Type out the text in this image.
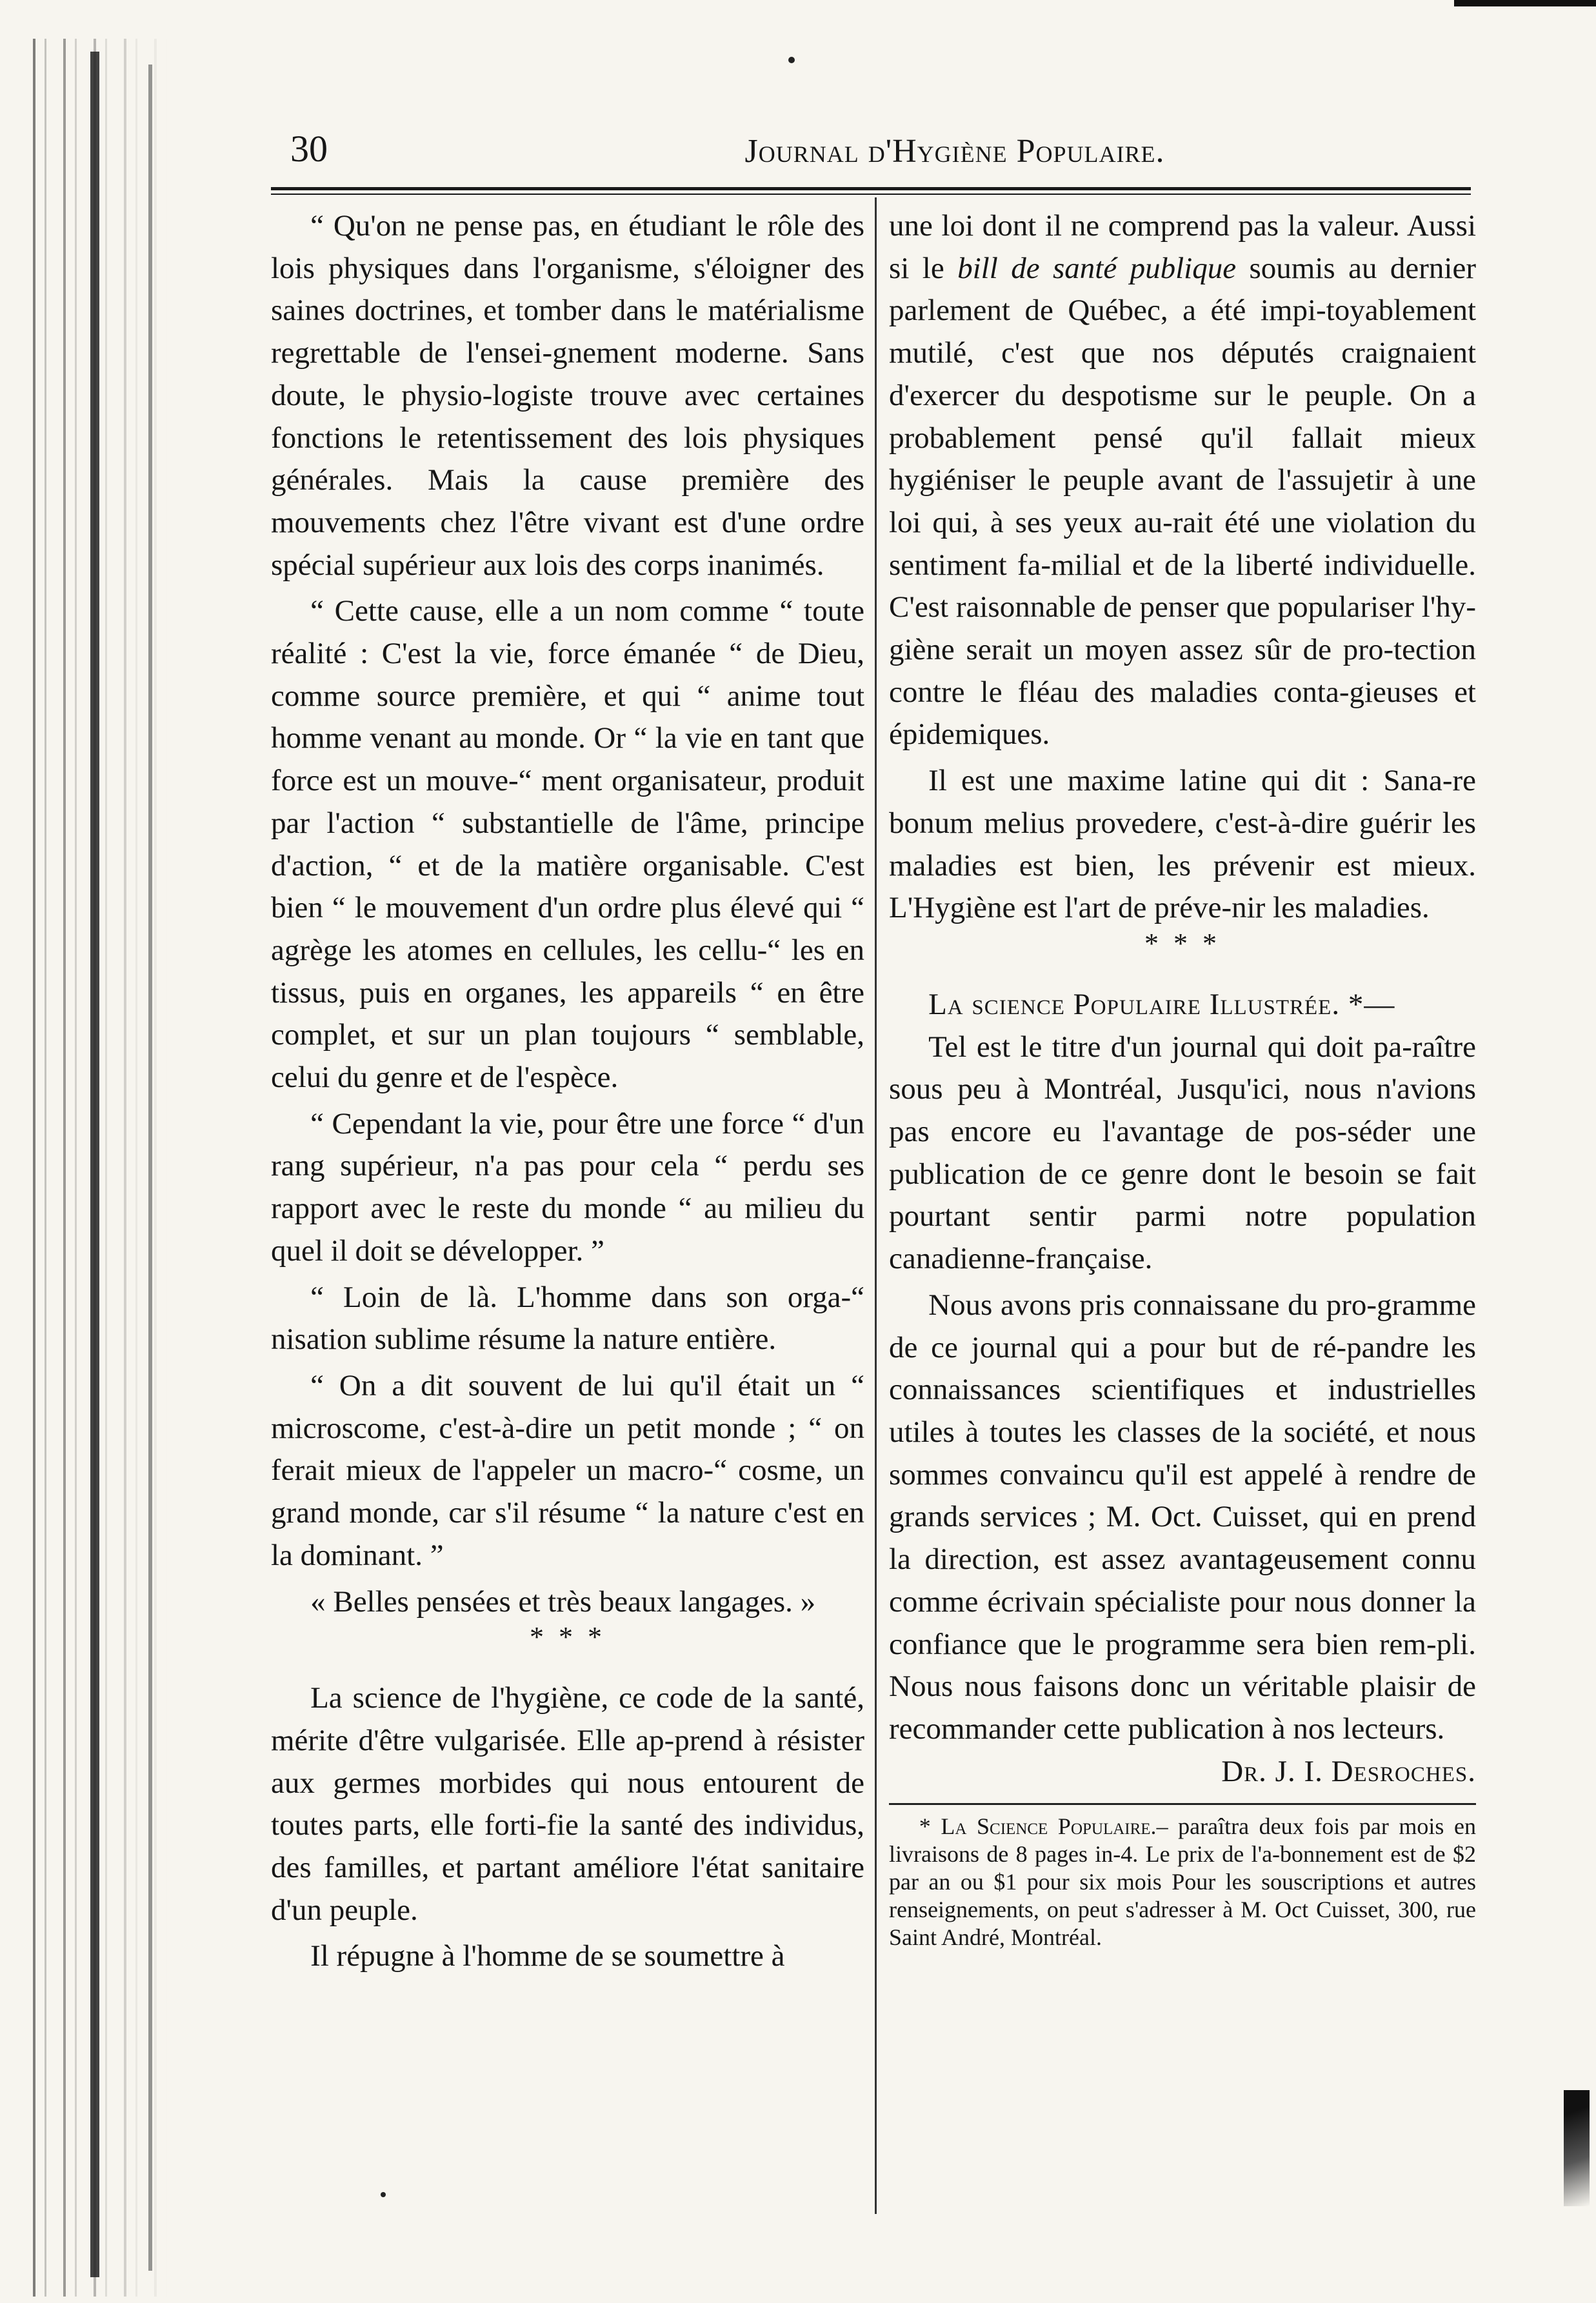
30	Journal d'Hygiène Populaire.

“ Qu'on ne pense pas, en étudiant le rôle des lois physiques dans l'organisme, s'éloigner des saines doctrines, et tomber dans le matérialisme regrettable de l'ensei-gnement moderne. Sans doute, le physio-logiste trouve avec certaines fonctions le retentissement des lois physiques générales. Mais la cause première des mouvements chez l'être vivant est d'une ordre spécial supérieur aux lois des corps inanimés.

“ Cette cause, elle a un nom comme “ toute réalité : C'est la vie, force émanée “ de Dieu, comme source première, et qui “ anime tout homme venant au monde. Or “ la vie en tant que force est un mouve-“ ment organisateur, produit par l'action “ substantielle de l'âme, principe d'action, “ et de la matière organisable. C'est bien “ le mouvement d'un ordre plus élevé qui “ agrège les atomes en cellules, les cellu-“ les en tissus, puis en organes, les appareils “ en être complet, et sur un plan toujours “ semblable, celui du genre et de l'espèce.

“ Cependant la vie, pour être une force “ d'un rang supérieur, n'a pas pour cela “ perdu ses rapport avec le reste du monde “ au milieu du quel il doit se développer. ”

“ Loin de là. L'homme dans son orga-“ nisation sublime résume la nature entière.

“ On a dit souvent de lui qu'il était un “ microscome, c'est-à-dire un petit monde ; “ on ferait mieux de l'appeler un macro-“ cosme, un grand monde, car s'il résume “ la nature c'est en la dominant. ”

« Belles pensées et très beaux langages. »

* * *

La science de l'hygiène, ce code de la santé, mérite d'être vulgarisée. Elle ap-prend à résister aux germes morbides qui nous entourent de toutes parts, elle forti-fie la santé des individus, des familles, et partant améliore l'état sanitaire d'un peuple.

Il répugne à l'homme de se soumettre à

une loi dont il ne comprend pas la valeur. Aussi si le bill de santé publique soumis au dernier parlement de Québec, a été impi-toyablement mutilé, c'est que nos députés craignaient d'exercer du despotisme sur le peuple. On a probablement pensé qu'il fallait mieux hygiéniser le peuple avant de l'assujetir à une loi qui, à ses yeux au-rait été une violation du sentiment fa-milial et de la liberté individuelle. C'est raisonnable de penser que populariser l'hy-giène serait un moyen assez sûr de pro-tection contre le fléau des maladies conta-gieuses et épidemiques.

Il est une maxime latine qui dit : Sana-re bonum melius provedere, c'est-à-dire guérir les maladies est bien, les prévenir est mieux. L'Hygiène est l'art de préve-nir les maladies.

* * *

La science Populaire Illustrée. *—

Tel est le titre d'un journal qui doit pa-raître sous peu à Montréal, Jusqu'ici, nous n'avions pas encore eu l'avantage de pos-séder une publication de ce genre dont le besoin se fait pourtant sentir parmi notre population canadienne-française.

Nous avons pris connaissane du pro-gramme de ce journal qui a pour but de ré-pandre les connaissances scientifiques et industrielles utiles à toutes les classes de la société, et nous sommes convaincu qu'il est appelé à rendre de grands services ; M. Oct. Cuisset, qui en prend la direction, est assez avantageusement connu comme écrivain spécialiste pour nous donner la confiance que le programme sera bien rem-pli. Nous nous faisons donc un véritable plaisir de recommander cette publication à nos lecteurs.

Dr. J. I. Desroches.

* La Science Populaire.– paraîtra deux fois par mois en livraisons de 8 pages in-4. Le prix de l'a-bonnement est de $2 par an ou $1 pour six mois Pour les souscriptions et autres renseignements, on peut s'adresser à M. Oct Cuisset, 300, rue Saint André, Montréal.
